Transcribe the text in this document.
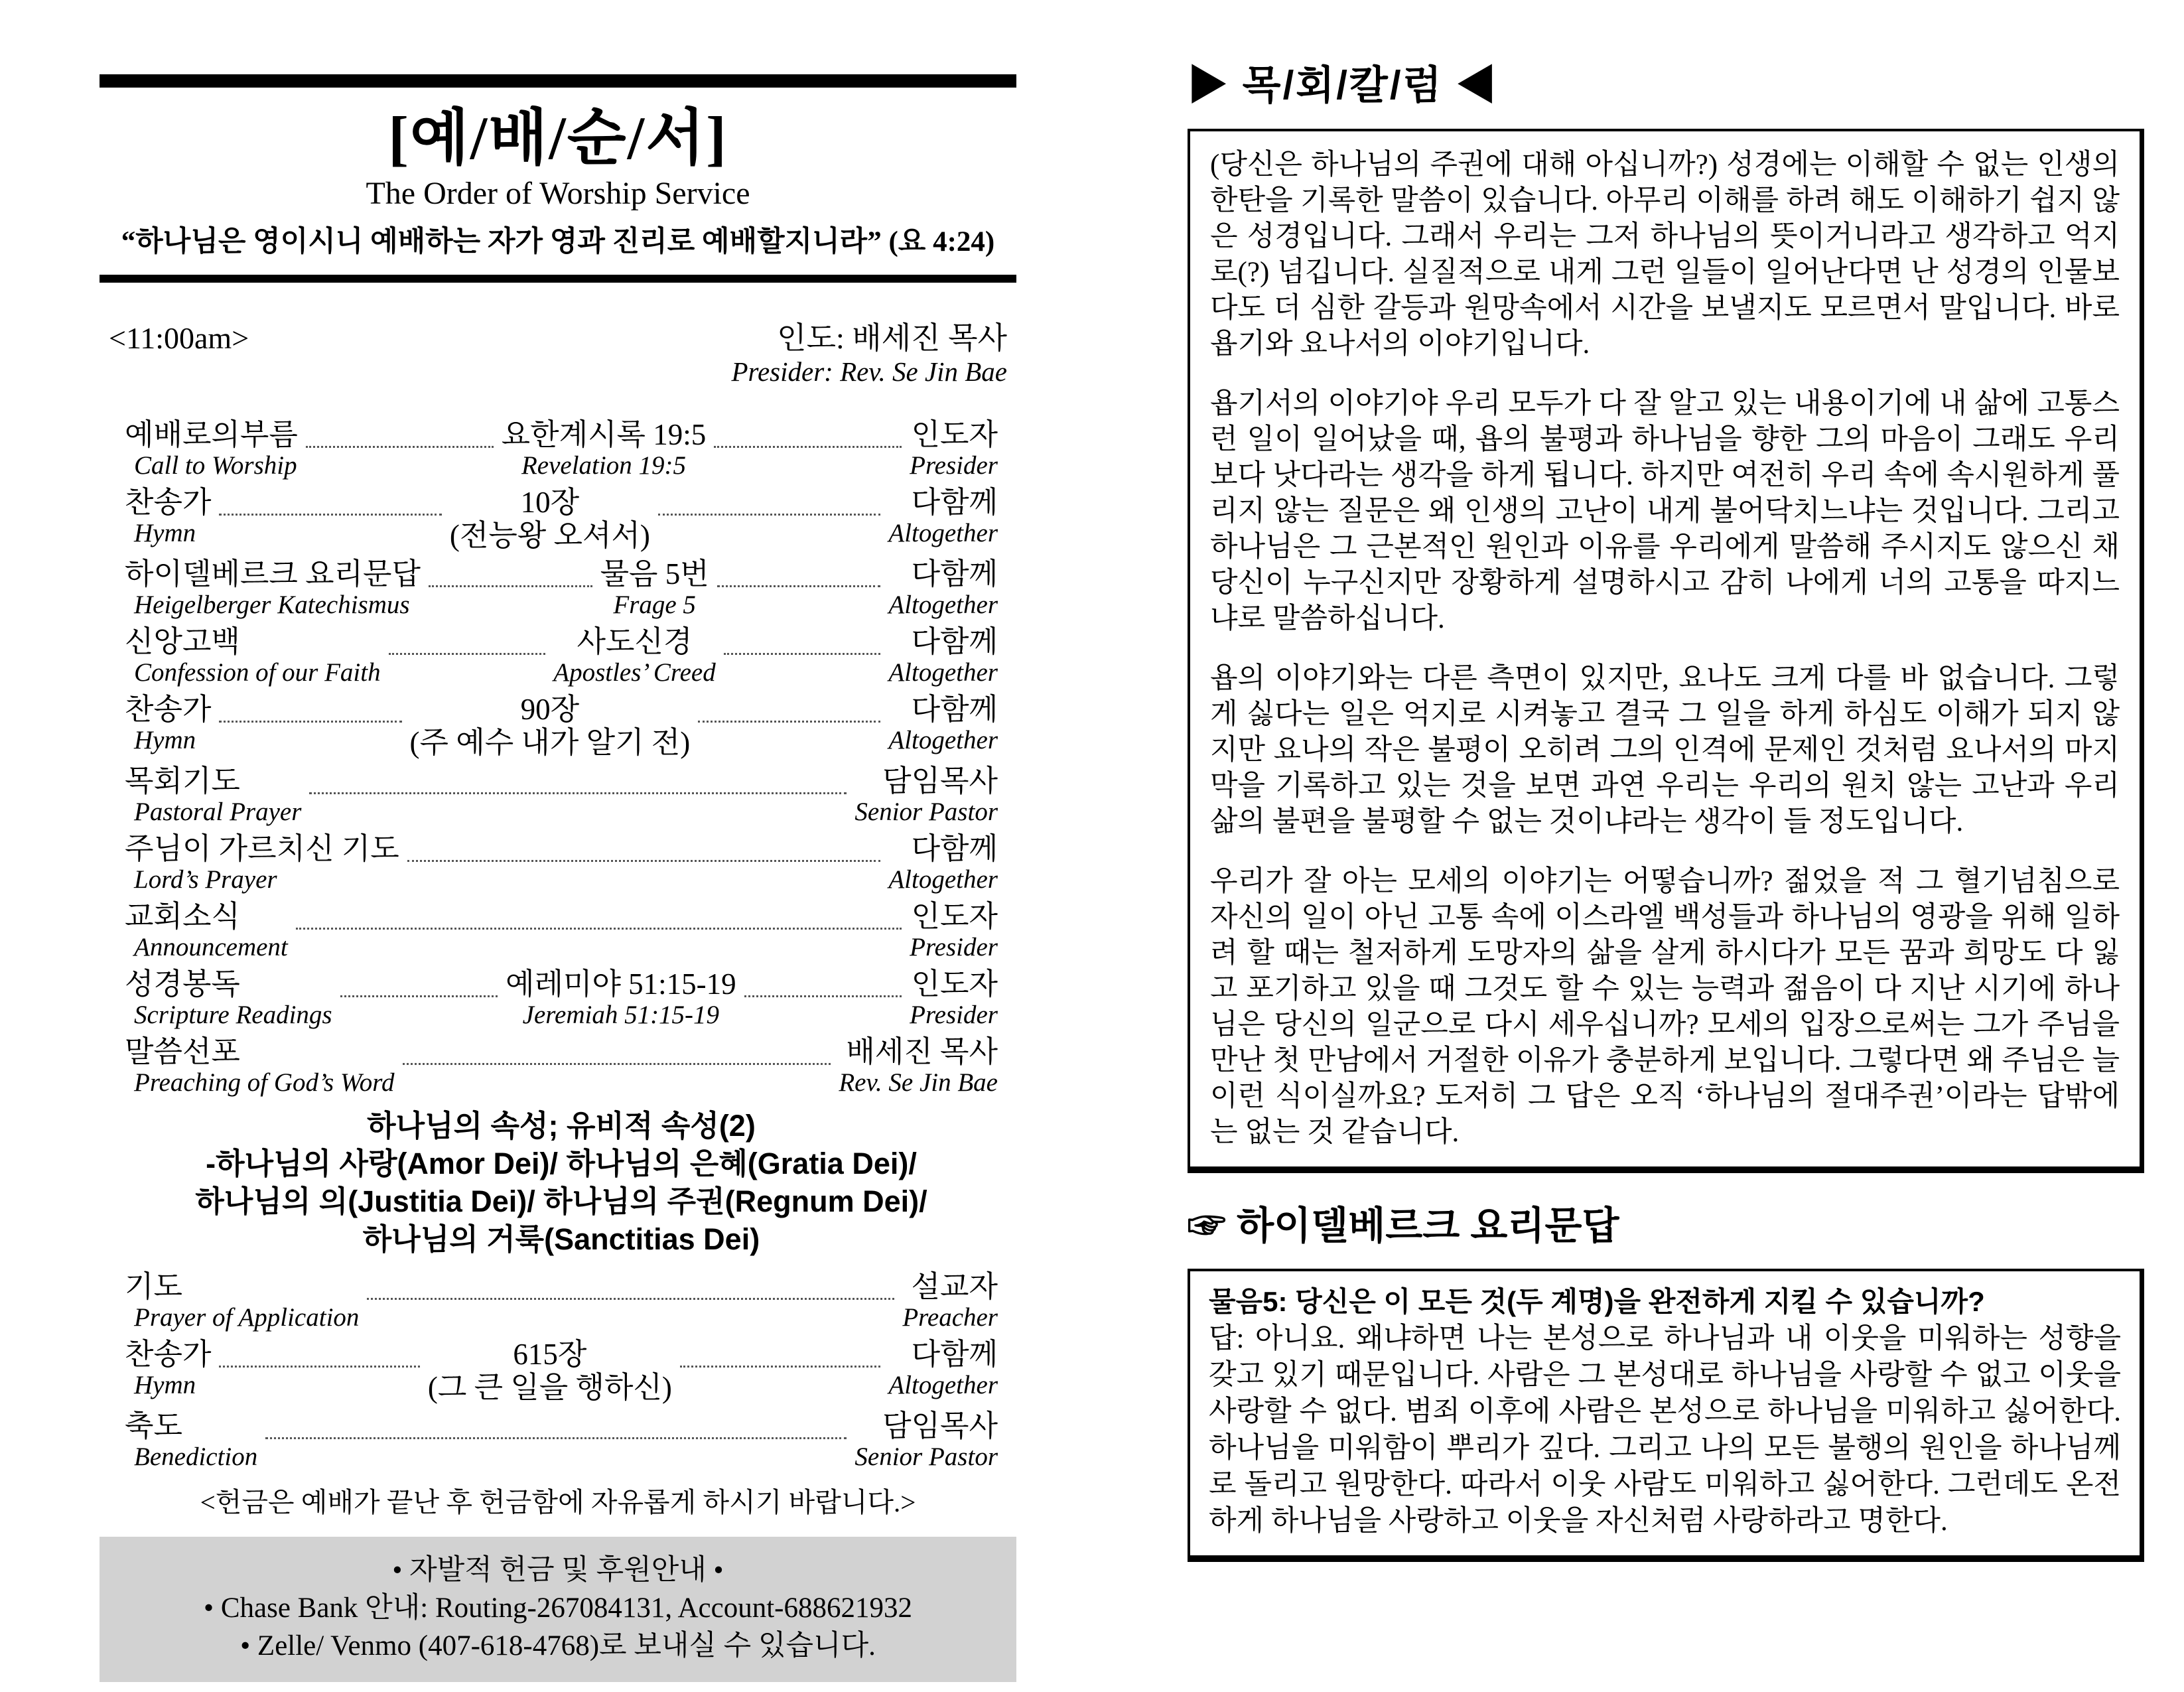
[예/배/순/서]
The Order of Worship Service
“하나님은 영이시니 예배하는 자가 영과 진리로 예배할지니라” (요 4:24)
<11:00am>	인도: 배세진 목사
Presider: Rev. Se Jin Bae
예배로의부름
Call to Worship
요한계시록 19:5
Revelation 19:5
인도자
Presider
찬송가
Hymn
10장
(전능왕 오셔서)
다함께
Altogether
하이델베르크 요리문답
Heigelberger Katechismus
물음 5번
Frage 5
다함께
Altogether
신앙고백
Confession of our Faith
사도신경
Apostles’ Creed
다함께
Altogether
찬송가
Hymn
90장
(주 예수 내가 알기 전)
다함께
Altogether
목회기도
Pastoral Prayer
담임목사
Senior Pastor
주님이 가르치신 기도
Lord’s Prayer
다함께
Altogether
교회소식
Announcement
인도자
Presider
성경봉독
Scripture Readings
예레미야 51:15-19
Jeremiah 51:15-19
인도자
Presider
말씀선포
Preaching of God’s Word
배세진 목사
Rev. Se Jin Bae
하나님의 속성; 유비적 속성(2)
-하나님의 사랑(Amor Dei)/ 하나님의 은혜(Gratia Dei)/
하나님의 의(Justitia Dei)/ 하나님의 주권(Regnum Dei)/
하나님의 거룩(Sanctitias Dei)
기도
Prayer of Application
설교자
Preacher
찬송가
Hymn
615장
(그 큰 일을 행하신)
다함께
Altogether
축도
Benediction
담임목사
Senior Pastor
<헌금은 예배가 끝난 후 헌금함에 자유롭게 하시기 바랍니다.>
• 자발적 헌금 및 후원안내 •
• Chase Bank 안내: Routing-267084131, Account-688621932
• Zelle/ Venmo (407-618-4768)로 보내실 수 있습니다.
▶ 목/회/칼/럼 ◀

(당신은 하나님의 주권에 대해 아십니까?) 성경에는 이해할 수 없는 인생의 한탄을 기록한 말씀이 있습니다. 아무리 이해를 하려 해도 이해하기 쉽지 않은 성경입니다. 그래서 우리는 그저 하나님의 뜻이거니라고 생각하고 억지로(?) 넘깁니다. 실질적으로 내게 그런 일들이 일어난다면 난 성경의 인물보다도 더 심한 갈등과 원망속에서 시간을 보낼지도 모르면서 말입니다. 바로 욥기와 요나서의 이야기입니다.

욥기서의 이야기야 우리 모두가 다 잘 알고 있는 내용이기에 내 삶에 고통스런 일이 일어났을 때, 욥의 불평과 하나님을 향한 그의 마음이 그래도 우리보다 낫다라는 생각을 하게 됩니다. 하지만 여전히 우리 속에 속시원하게 풀리지 않는 질문은 왜 인생의 고난이 내게 불어닥치느냐는 것입니다. 그리고 하나님은 그 근본적인 원인과 이유를 우리에게 말씀해 주시지도 않으신 채 당신이 누구신지만 장황하게 설명하시고 감히 나에게 너의 고통을 따지느냐로 말씀하십니다.

욥의 이야기와는 다른 측면이 있지만, 요나도 크게 다를 바 없습니다. 그렇게 싫다는 일은 억지로 시켜놓고 결국 그 일을 하게 하심도 이해가 되지 않지만 요나의 작은 불평이 오히려 그의 인격에 문제인 것처럼 요나서의 마지막을 기록하고 있는 것을 보면 과연 우리는 우리의 원치 않는 고난과 우리 삶의 불편을 불평할 수 없는 것이냐라는 생각이 들 정도입니다.

우리가 잘 아는 모세의 이야기는 어떻습니까? 젊었을 적 그 혈기넘침으로 자신의 일이 아닌 고통 속에 이스라엘 백성들과 하나님의 영광을 위해 일하려 할 때는 철저하게 도망자의 삶을 살게 하시다가 모든 꿈과 희망도 다 잃고 포기하고 있을 때 그것도 할 수 있는 능력과 젊음이 다 지난 시기에 하나님은 당신의 일군으로 다시 세우십니까? 모세의 입장으로써는 그가 주님을 만난 첫 만남에서 거절한 이유가 충분하게 보입니다. 그렇다면 왜 주님은 늘 이런 식이실까요? 도저히 그 답은 오직 ‘하나님의 절대주권’이라는 답밖에는 없는 것 같습니다.

☞ 하이델베르크 요리문답
물음5: 당신은 이 모든 것(두 계명)을 완전하게 지킬 수 있습니까?
답: 아니요. 왜냐하면 나는 본성으로 하나님과 내 이웃을 미워하는 성향을 갖고 있기 때문입니다. 사람은 그 본성대로 하나님을 사랑할 수 없고 이웃을 사랑할 수 없다. 범죄 이후에 사람은 본성으로 하나님을 미워하고 싫어한다. 하나님을 미워함이 뿌리가 깊다. 그리고 나의 모든 불행의 원인을 하나님께로 돌리고 원망한다. 따라서 이웃 사람도 미워하고 싫어한다. 그런데도 온전하게 하나님을 사랑하고 이웃을 자신처럼 사랑하라고 명한다.
